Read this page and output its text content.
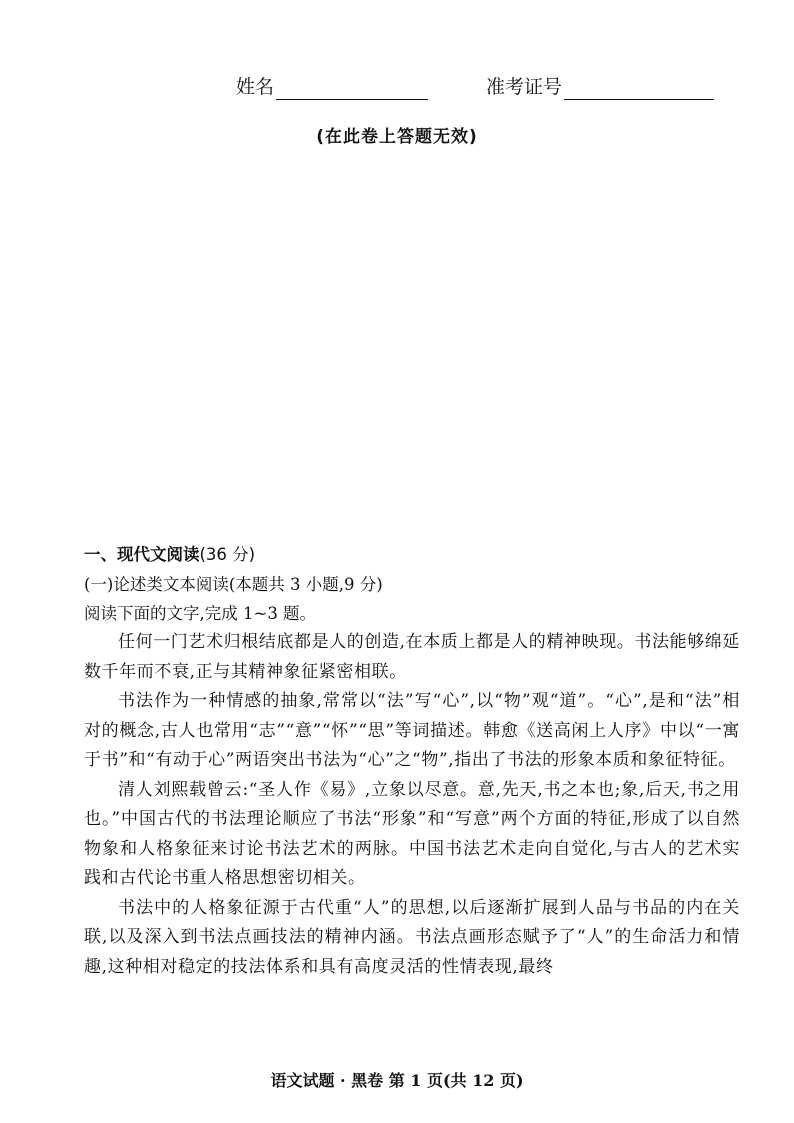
姓名	准考证号
(在此卷上答题无效)
一、现代文阅读(36 分)
(一)论述类文本阅读(本题共 3 小题,9 分)
阅读下面的文字,完成 1~3 题。

任何一门艺术归根结底都是人的创造,在本质上都是人的精神映现。书法能够绵延数千年而不衰,正与其精神象征紧密相联。

书法作为一种情感的抽象,常常以“法”写“心”,以“物”观“道”。“心”,是和“法”相对的概念,古人也常用“志”“意”“怀”“思”等词描述。韩愈《送高闲上人序》中以“一寓于书”和“有动于心”两语突出书法为“心”之“物”,指出了书法的形象本质和象征特征。

清人刘熙载曾云:“圣人作《易》,立象以尽意。意,先天,书之本也;象,后天,书之用也。”中国古代的书法理论顺应了书法“形象”和“写意”两个方面的特征,形成了以自然物象和人格象征来讨论书法艺术的两脉。中国书法艺术走向自觉化,与古人的艺术实践和古代论书重人格思想密切相关。

书法中的人格象征源于古代重“人”的思想,以后逐渐扩展到人品与书品的内在关联,以及深入到书法点画技法的精神内涵。书法点画形态赋予了“人”的生命活力和情趣,这种相对稳定的技法体系和具有高度灵活的性情表现,最终

语文试题 · 黑卷 第 1 页(共 12 页)
